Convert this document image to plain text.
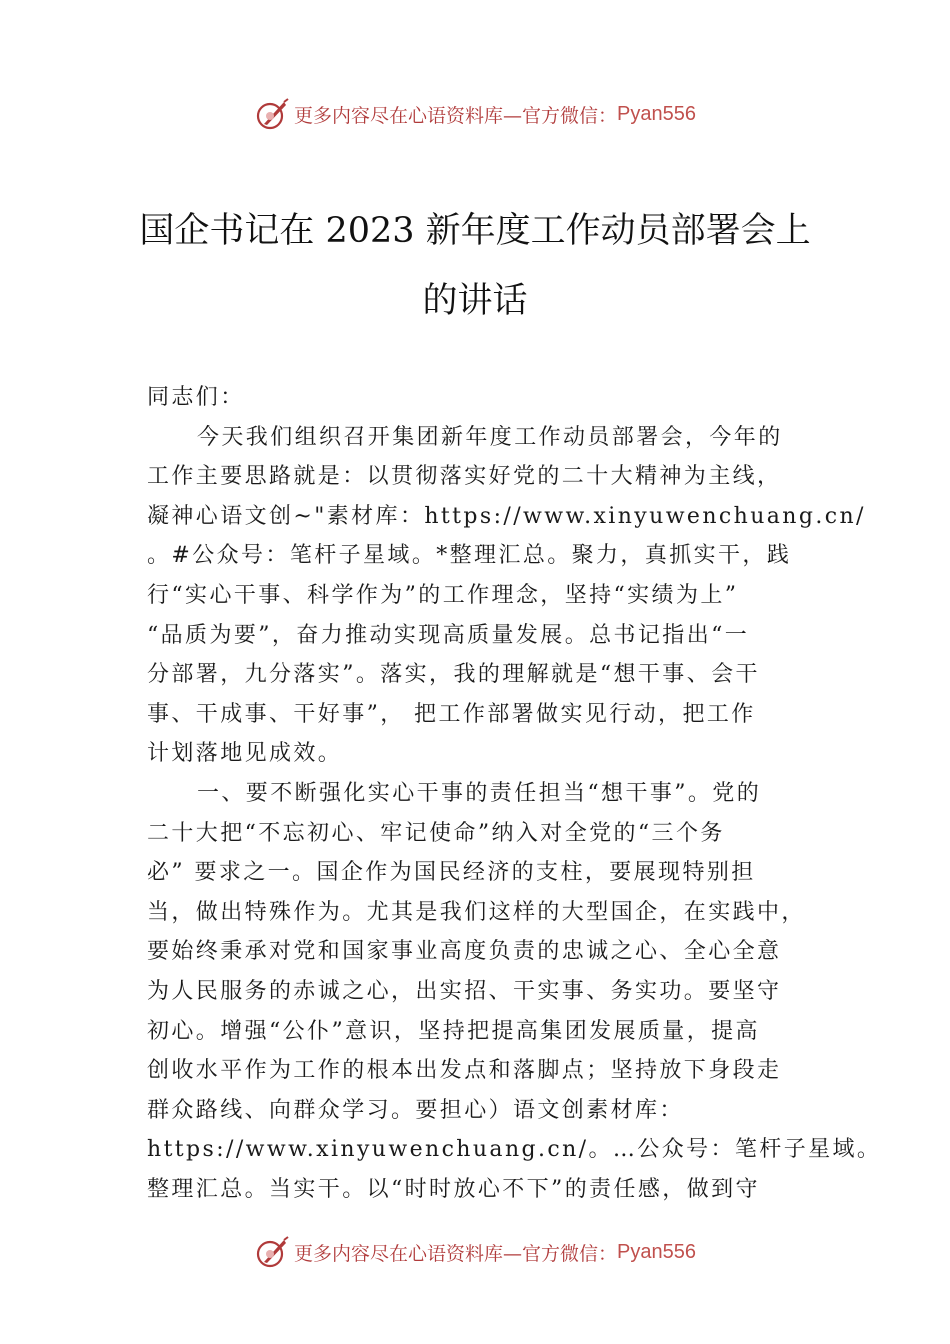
更多内容尽在心语资料库—官方微信： Pyan556
国企书记在 2023 新年度工作动员部署会上
的讲话
同志们：
今天我们组织召开集团新年度工作动员部署会，今年的
工作主要思路就是：以贯彻落实好党的二十大精神为主线，
凝神心语文创~"素材库：https://www.xinyuwenchuang.cn/
。#公众号：笔杆子星域。*整理汇总。聚力，真抓实干，践
行“实心干事、科学作为”的工作理念，坚持“实绩为上”
“品质为要”，奋力推动实现高质量发展。总书记指出“一
分部署，九分落实”。落实，我的理解就是“想干事、会干
事、干成事、干好事”， 把工作部署做实见行动，把工作
计划落地见成效。
一、要不断强化实心干事的责任担当“想干事”。党的
二十大把“不忘初心、牢记使命”纳入对全党的“三个务
必” 要求之一。国企作为国民经济的支柱，要展现特别担
当，做出特殊作为。尤其是我们这样的大型国企，在实践中，
要始终秉承对党和国家事业高度负责的忠诚之心、全心全意
为人民服务的赤诚之心，出实招、干实事、务实功。要坚守
初心。增强“公仆”意识，坚持把提高集团发展质量，提高
创收水平作为工作的根本出发点和落脚点；坚持放下身段走
群众路线、向群众学习。要担心）语文创素材库：
https://www.xinyuwenchuang.cn/。…公众号：笔杆子星域。
整理汇总。当实干。以“时时放心不下”的责任感，做到守
更多内容尽在心语资料库—官方微信： Pyan556
